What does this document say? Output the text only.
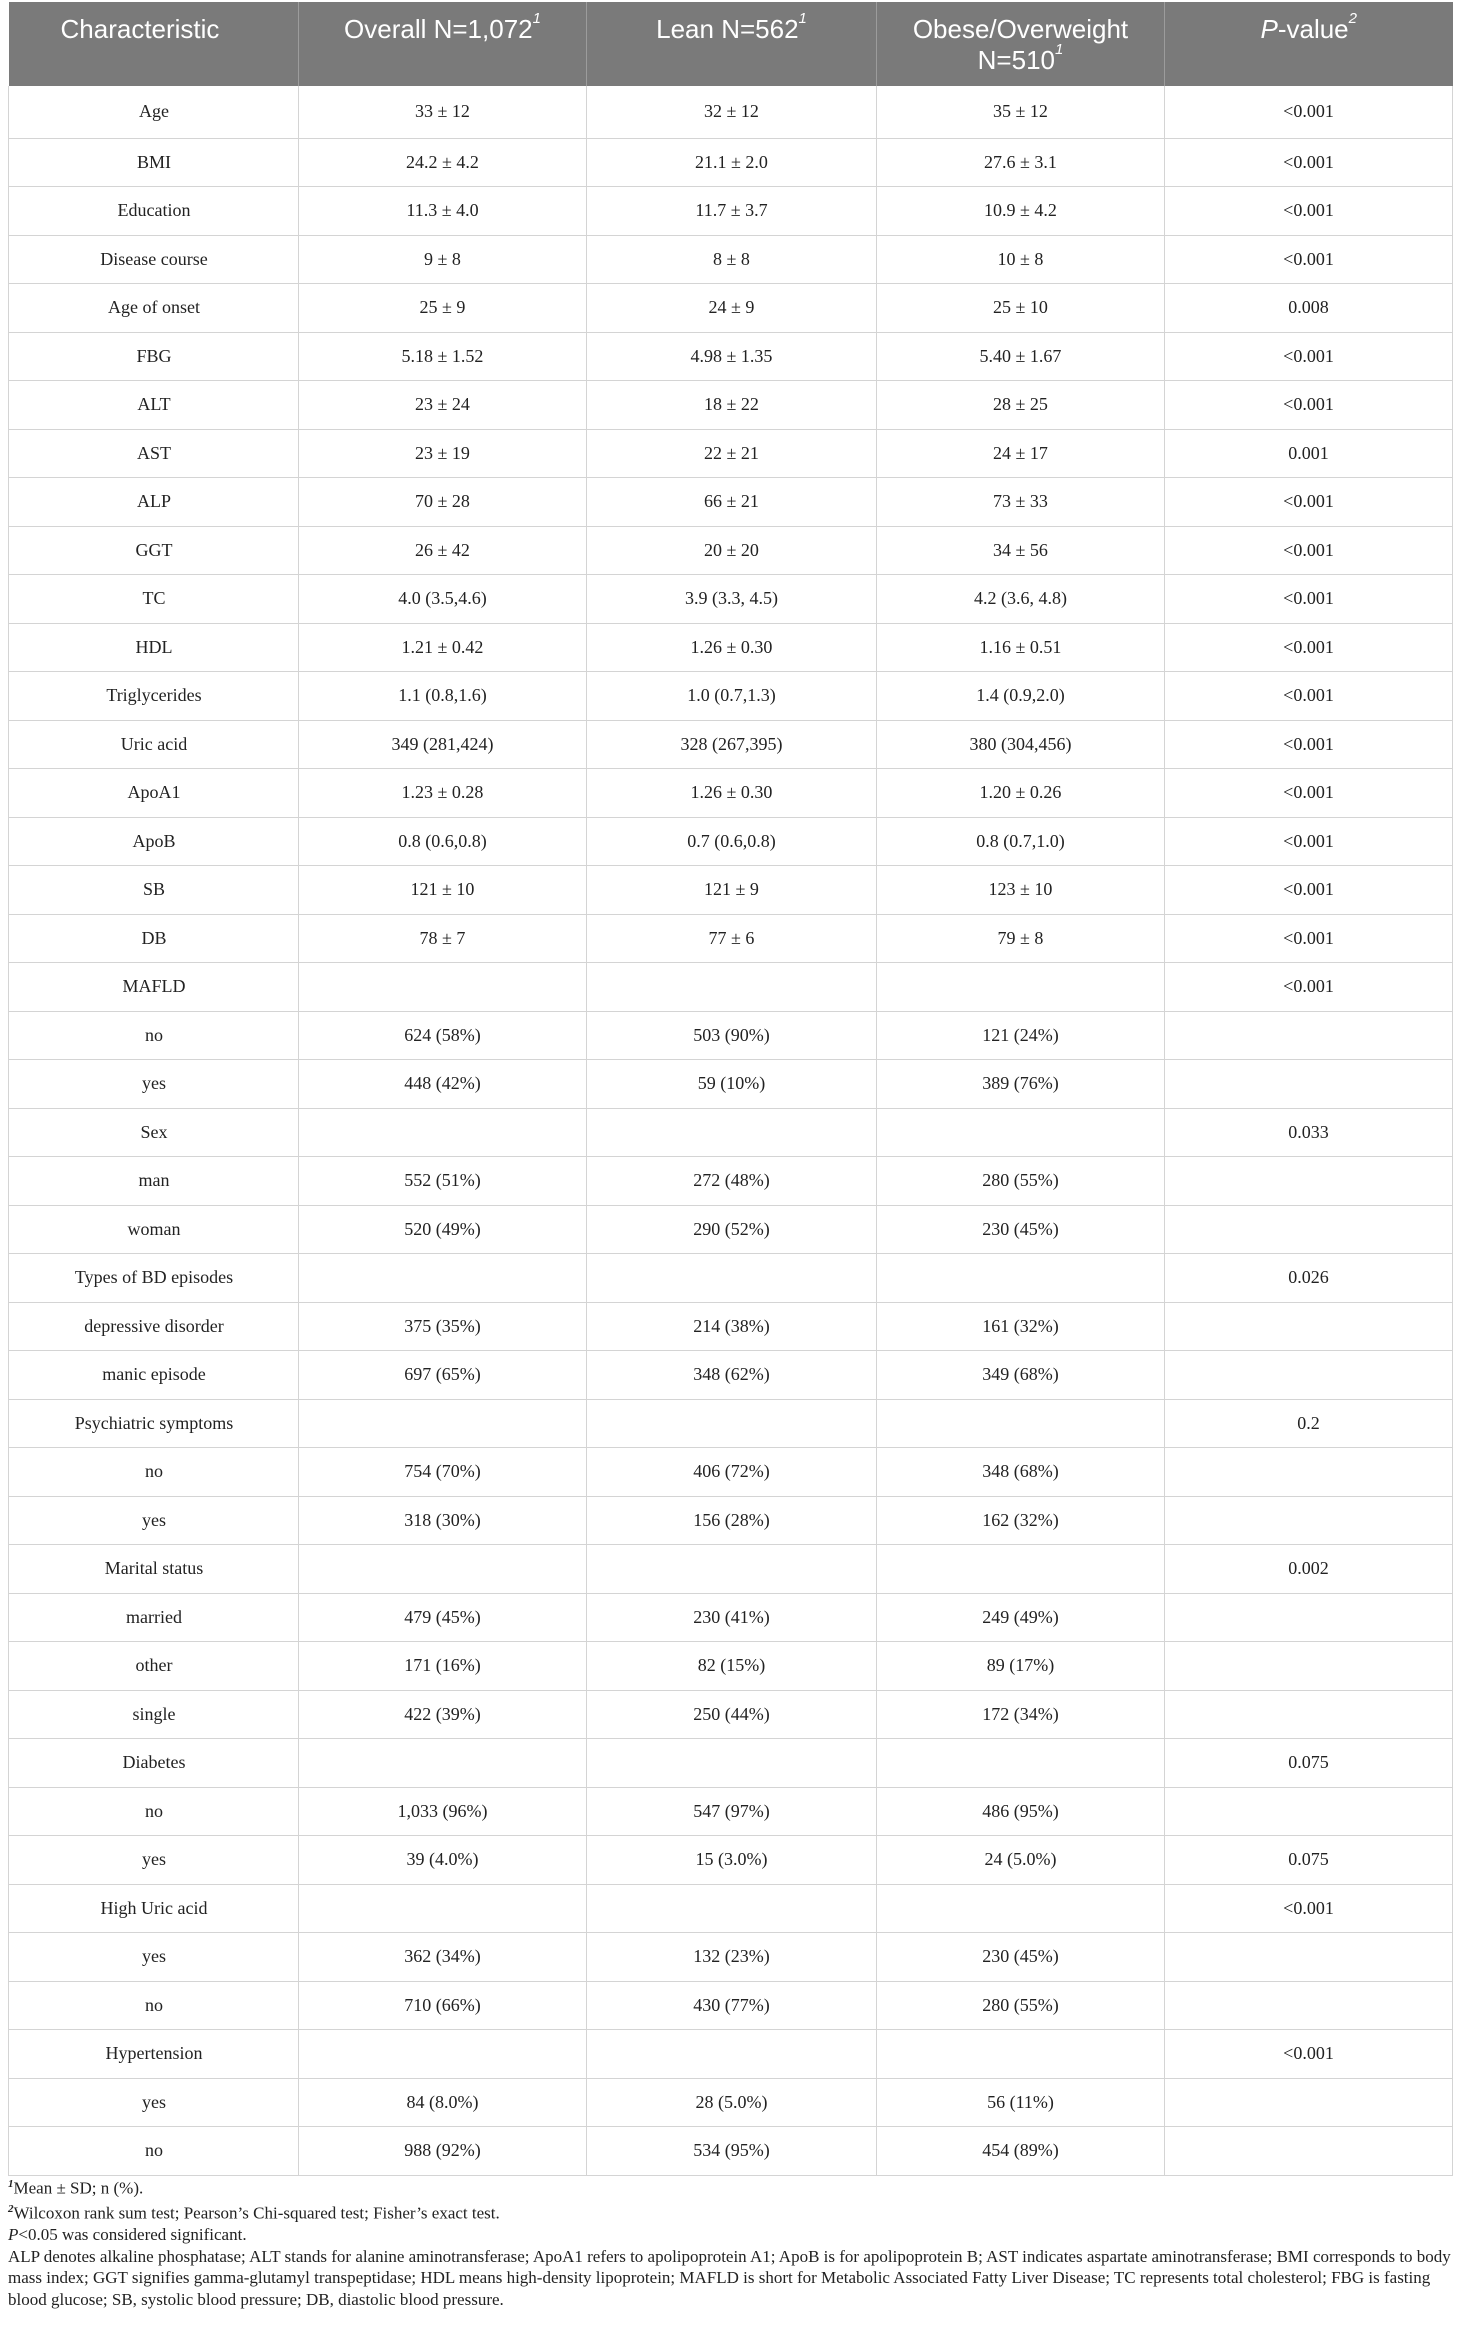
Characteristic	Overall $N=1,072^1$	Lean $N=562^1$	Obese/Overweight $N=510^1$	P-value$^2$
Age	33 ± 12	32 ± 12	35 ± 12	<0.001
BMI	24.2 ± 4.2	21.1 ± 2.0	27.6 ± 3.1	<0.001
Education	11.3 ± 4.0	11.7 ± 3.7	10.9 ± 4.2	<0.001
Disease course	9 ± 8	8 ± 8	10 ± 8	<0.001
Age of onset	25 ± 9	24 ± 9	25 ± 10	0.008
FBG	5.18 ± 1.52	4.98 ± 1.35	5.40 ± 1.67	<0.001
ALT	23 ± 24	18 ± 22	28 ± 25	<0.001
AST	23 ± 19	22 ± 21	24 ± 17	0.001
ALP	70 ± 28	66 ± 21	73 ± 33	<0.001
GGT	26 ± 42	20 ± 20	34 ± 56	<0.001
TC	4.0 (3.5,4.6)	3.9 (3.3, 4.5)	4.2 (3.6, 4.8)	<0.001
HDL	1.21 ± 0.42	1.26 ± 0.30	1.16 ± 0.51	<0.001
Triglycerides	1.1 (0.8,1.6)	1.0 (0.7,1.3)	1.4 (0.9,2.0)	<0.001
Uric acid	349 (281,424)	328 (267,395)	380 (304,456)	<0.001
ApoA1	1.23 ± 0.28	1.26 ± 0.30	1.20 ± 0.26	<0.001
ApoB	0.8 (0.6,0.8)	0.7 (0.6,0.8)	0.8 (0.7,1.0)	<0.001
SB	121 ± 10	121 ± 9	123 ± 10	<0.001
DB	78 ± 7	77 ± 6	79 ± 8	<0.001
MAFLD				<0.001
no	624 (58%)	503 (90%)	121 (24%)	
yes	448 (42%)	59 (10%)	389 (76%)	
Sex				0.033
man	552 (51%)	272 (48%)	280 (55%)	
woman	520 (49%)	290 (52%)	230 (45%)	
Types of BD episodes				0.026
depressive disorder	375 (35%)	214 (38%)	161 (32%)	
manic episode	697 (65%)	348 (62%)	349 (68%)	
Psychiatric symptoms				0.2
no	754 (70%)	406 (72%)	348 (68%)	
yes	318 (30%)	156 (28%)	162 (32%)	
Marital status				0.002
married	479 (45%)	230 (41%)	249 (49%)	
other	171 (16%)	82 (15%)	89 (17%)	
single	422 (39%)	250 (44%)	172 (34%)	
Diabetes				0.075
no	1,033 (96%)	547 (97%)	486 (95%)	
yes	39 (4.0%)	15 (3.0%)	24 (5.0%)	0.075
High Uric acid				<0.001
yes	362 (34%)	132 (23%)	230 (45%)	
no	710 (66%)	430 (77%)	280 (55%)	
Hypertension				<0.001
yes	84 (8.0%)	28 (5.0%)	56 (11%)	
no	988 (92%)	534 (95%)	454 (89%)	

$^1$Mean ± SD; n (%).

$^2$Wilcoxon rank sum test; Pearson’s Chi-squared test; Fisher’s exact test.

P<0.05 was considered significant.

ALP denotes alkaline phosphatase; ALT stands for alanine aminotransferase; ApoA1 refers to apolipoprotein A1; ApoB is for apolipoprotein B; AST indicates aspartate aminotransferase; BMI corresponds to body mass index; GGT signifies gamma-glutamyl transpeptidase; HDL means high-density lipoprotein; MAFLD is short for Metabolic Associated Fatty Liver Disease; TC represents total cholesterol; FBG is fasting blood glucose; SB, systolic blood pressure; DB, diastolic blood pressure.
